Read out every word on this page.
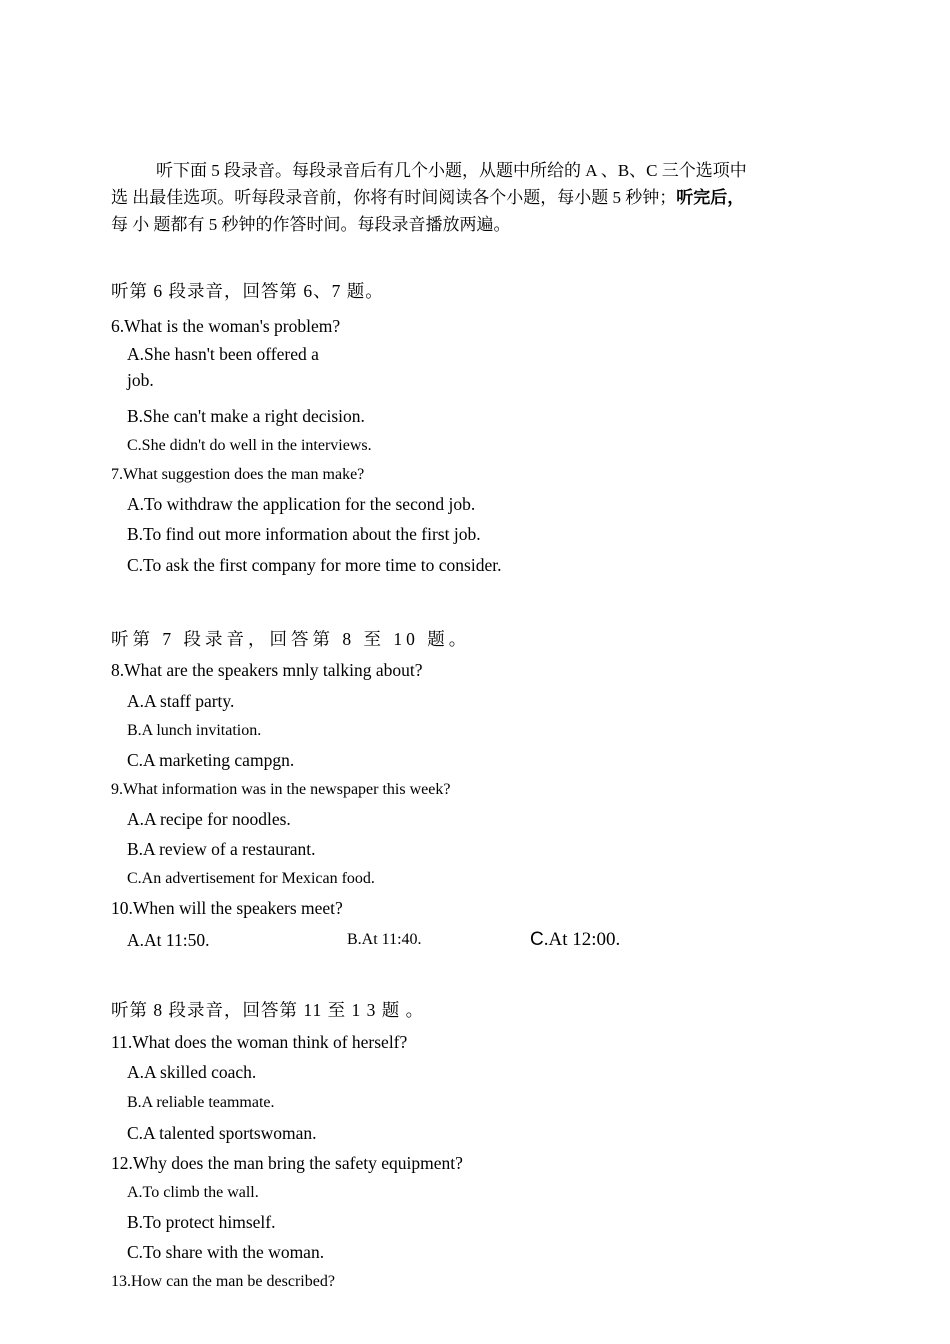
听下面 5 段录音。每段录音后有几个小题，从题中所给的 A 、B、C 三个选项中
选 出最佳选项。听每段录音前，你将有时间阅读各个小题，每小题 5 秒钟；听完后，
每 小 题都有 5 秒钟的作答时间。每段录音播放两遍。
听第 6 段录音，回答第 6、7 题。
6.What is the woman's problem?
A.She hasn't been offered a
job.
B.She can't make a right decision.
C.She didn't do well in the interviews.
7.What suggestion does the man make?
A.To withdraw the application for the second job.
B.To find out more information about the first job.
C.To ask the first company for more time to consider.
听第 7 段录音，回答第 8 至 10 题。
8.What are the speakers mnly talking about?
A.A staff party.
B.A lunch invitation.
C.A marketing campgn.
9.What information was in the newspaper this week?
A.A recipe for noodles.
B.A review of a restaurant.
C.An advertisement for Mexican food.
10.When will the speakers meet?
A.At 11:50.	B.At 11:40.	C.At 12:00.
听第 8 段录音，回答第 11 至 1 3 题 。
11.What does the woman think of herself?
A.A skilled coach.
B.A reliable teammate.
C.A talented sportswoman.
12.Why does the man bring the safety equipment?
A.To climb the wall.
B.To protect himself.
C.To share with the woman.
13.How can the man be described?
